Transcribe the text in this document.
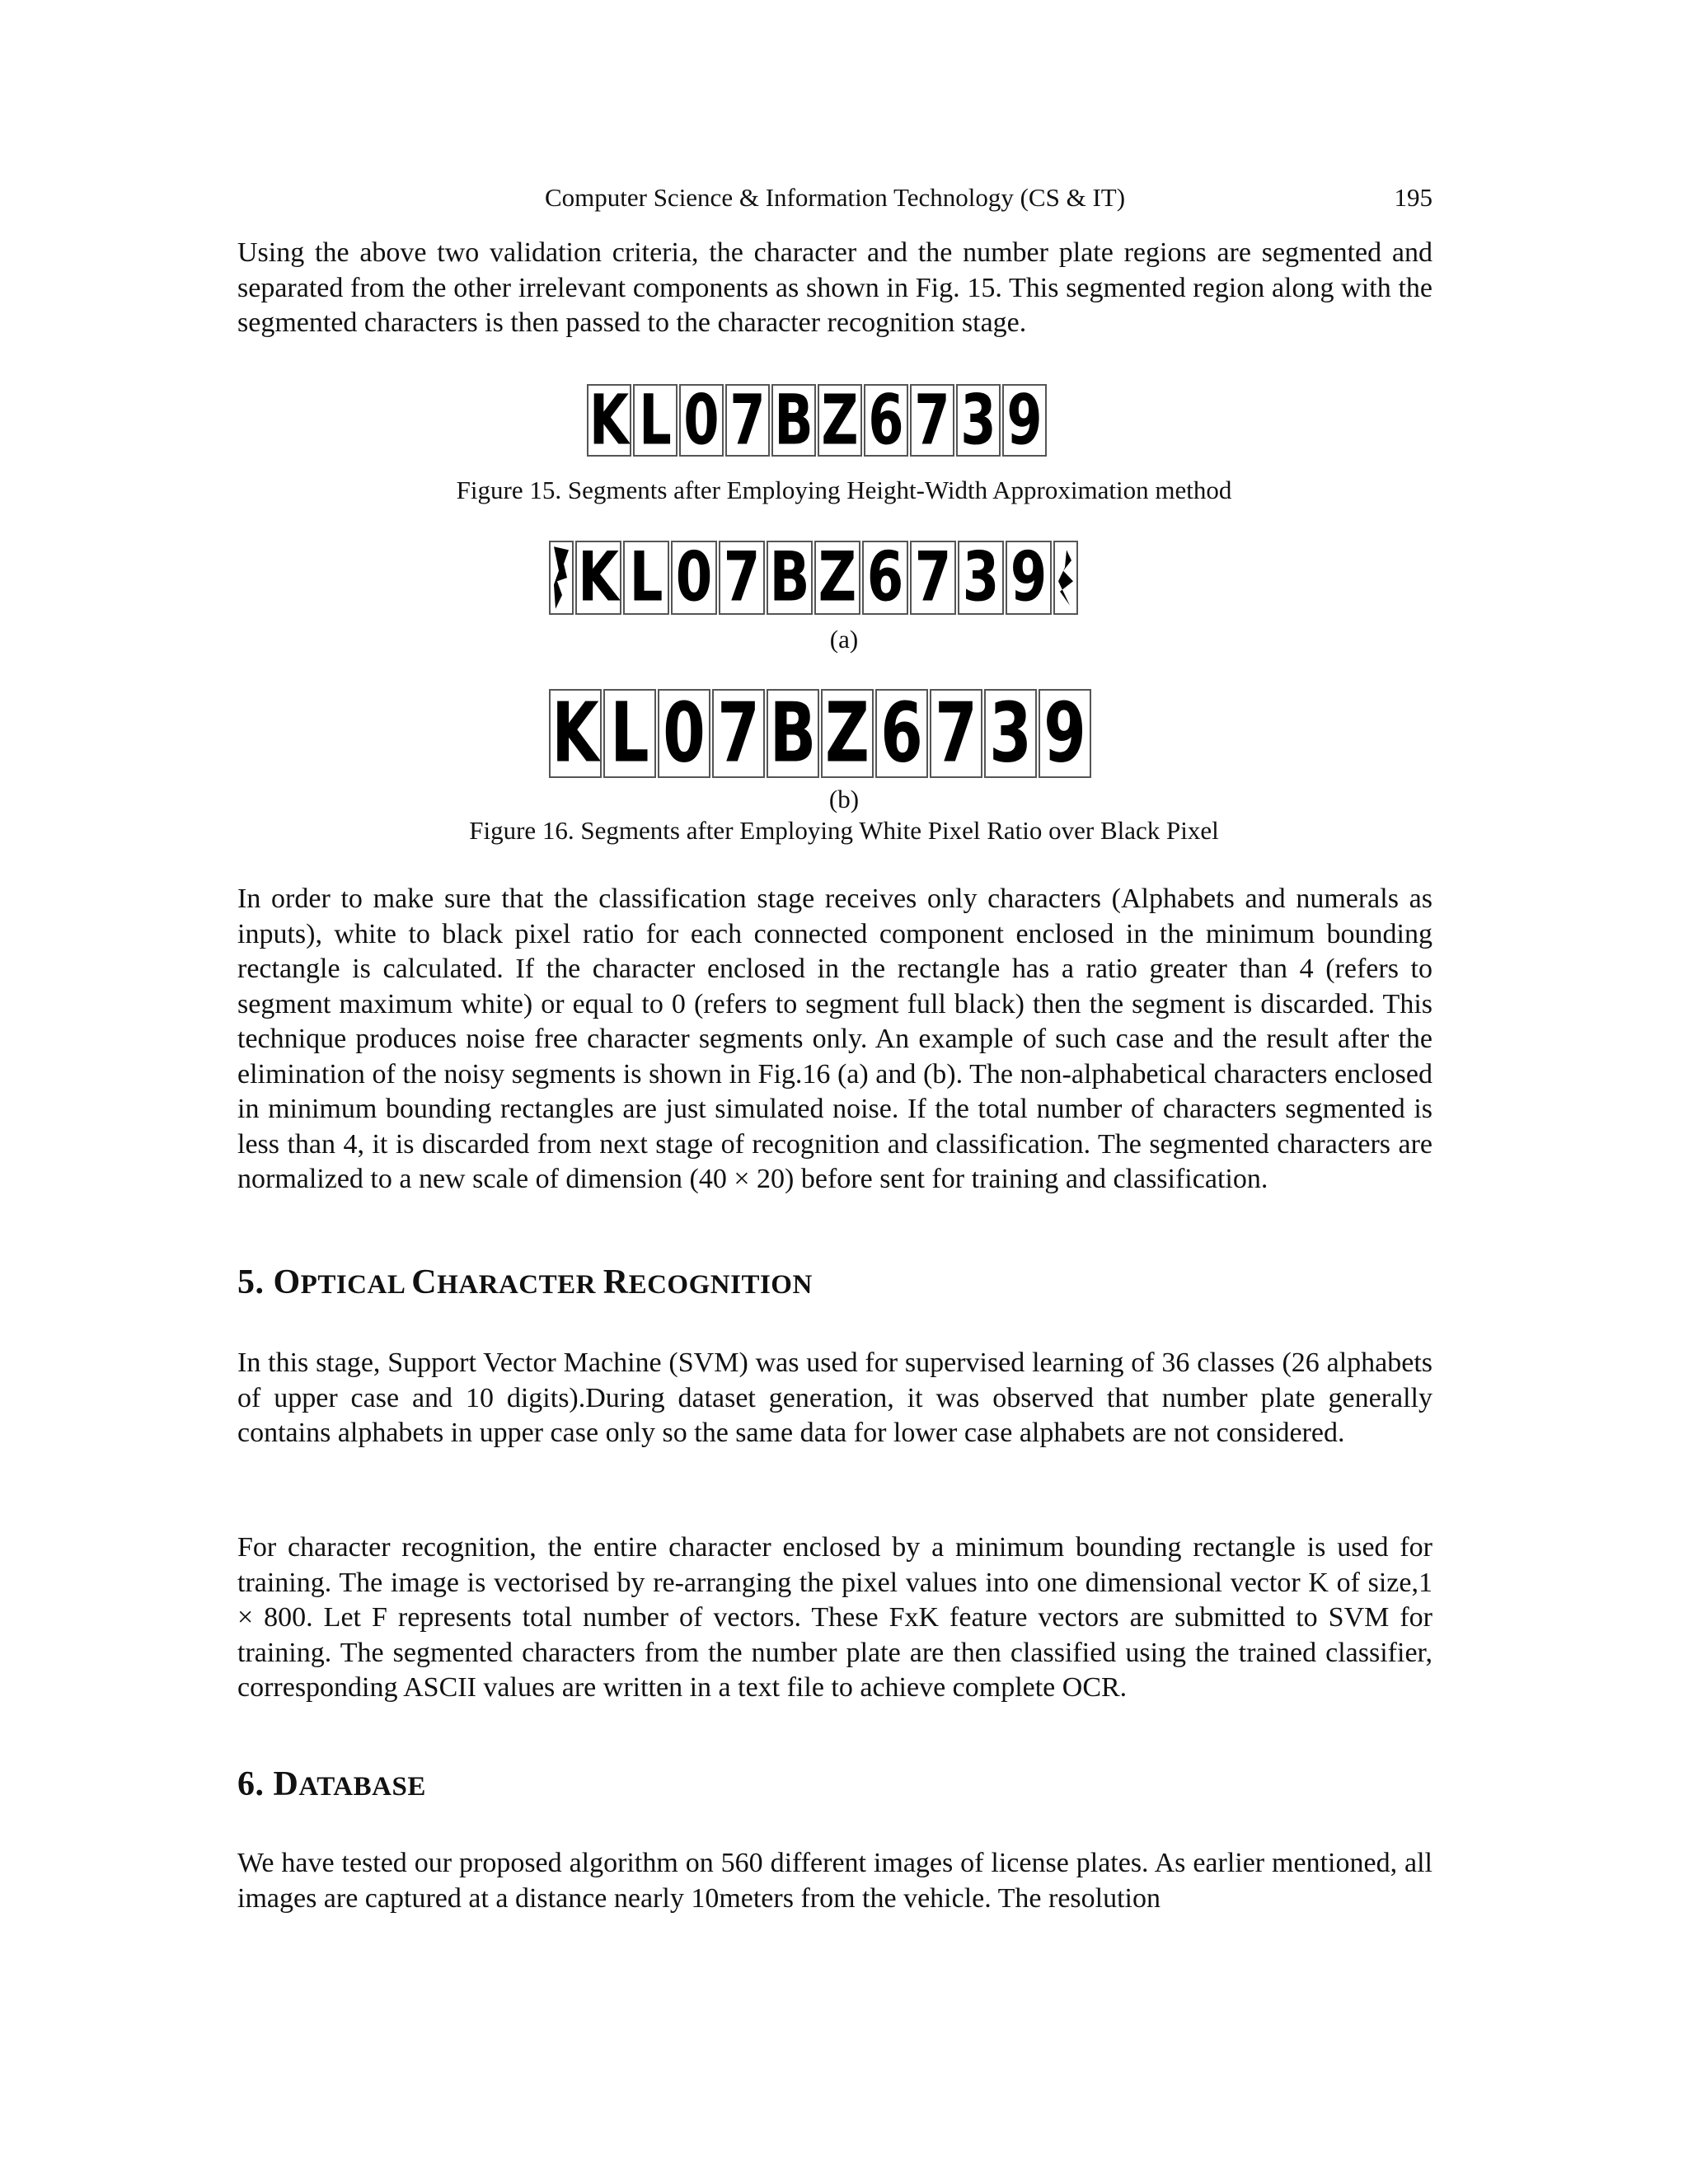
Computer Science & Information Technology (CS & IT)	195

Using the above two validation criteria, the character and the number plate regions are segmented and separated from the other irrelevant components as shown in Fig. 15. This segmented region along with the segmented characters is then passed to the character recognition stage.

K L 0 7 B Z 6 7 3 9
Figure 15. Segments after Employing Height-Width Approximation method
K L 0 7 B Z 6 7 3 9
(a)
K L 0 7 B Z 6 7 3 9
(b)
Figure 16. Segments after Employing White Pixel Ratio over Black Pixel

In order to make sure that the classification stage receives only characters (Alphabets and numerals as inputs), white to black pixel ratio for each connected component enclosed in the minimum bounding rectangle is calculated. If the character enclosed in the rectangle has a ratio greater than 4 (refers to segment maximum white) or equal to 0 (refers to segment full black) then the segment is discarded. This technique produces noise free character segments only. An example of such case and the result after the elimination of the noisy segments is shown in Fig.16 (a) and (b). The non-alphabetical characters enclosed in minimum bounding rectangles are just simulated noise. If the total number of characters segmented is less than 4, it is discarded from next stage of recognition and classification. The segmented characters are normalized to a new scale of dimension (40 × 20) before sent for training and classification.

5. OPTICAL CHARACTER RECOGNITION

In this stage, Support Vector Machine (SVM) was used for supervised learning of 36 classes (26 alphabets of upper case and 10 digits).During dataset generation, it was observed that number plate generally contains alphabets in upper case only so the same data for lower case alphabets are not considered.

For character recognition, the entire character enclosed by a minimum bounding rectangle is used for training. The image is vectorised by re-arranging the pixel values into one dimensional vector K of size,1 × 800. Let F represents total number of vectors. These FxK feature vectors are submitted to SVM for training. The segmented characters from the number plate are then classified using the trained classifier, corresponding ASCII values are written in a text file to achieve complete OCR.

6. DATABASE

We have tested our proposed algorithm on 560 different images of license plates. As earlier mentioned, all images are captured at a distance nearly 10meters from the vehicle. The resolution
